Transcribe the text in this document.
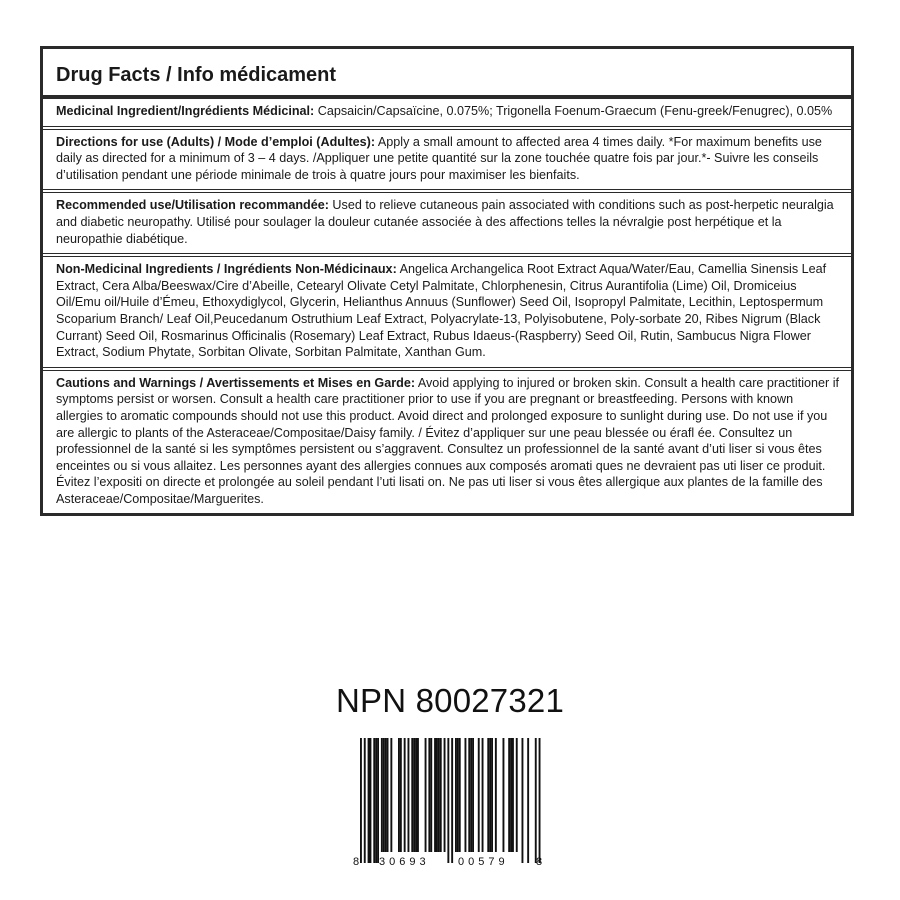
Drug Facts / Info médicament
Medicinal Ingredient/Ingrédients Médicinal: Capsaicin/Capsaïcine, 0.075%; Trigonella Foenum-Graecum (Fenu-greek/Fenugrec), 0.05%
Directions for use (Adults) / Mode d’emploi (Adultes): Apply a small amount to affected area 4 times daily. *For maximum benefits use daily as directed for a minimum of 3 – 4 days. /Appliquer une petite quantité sur la zone touchée quatre fois par jour.*- Suivre les conseils d’utilisation pendant une période minimale de trois à quatre jours pour maximiser les bienfaits.
Recommended use/Utilisation recommandée: Used to relieve cutaneous pain associated with conditions such as post-herpetic neuralgia and diabetic neuropathy. Utilisé pour soulager la douleur cutanée associée à des affections telles la névralgie post herpétique et la neuropathie diabétique.
Non-Medicinal Ingredients / Ingrédients Non-Médicinaux: Angelica Archangelica Root Extract Aqua/Water/Eau, Camellia Sinensis Leaf Extract, Cera Alba/Beeswax/Cire d’Abeille, Cetearyl Olivate Cetyl Palmitate, Chlorphenesin, Citrus Aurantifolia (Lime) Oil, Dromiceius Oil/Emu oil/Huile d’Émeu, Ethoxydiglycol, Glycerin, Helianthus Annuus (Sunflower) Seed Oil, Isopropyl Palmitate, Lecithin, Leptospermum Scoparium Branch/ Leaf Oil,Peucedanum Ostruthium Leaf Extract, Polyacrylate-13, Polyisobutene, Poly-sorbate 20, Ribes Nigrum (Black Currant) Seed Oil, Rosmarinus Officinalis (Rosemary) Leaf Extract, Rubus Idaeus-(Raspberry) Seed Oil, Rutin, Sambucus Nigra Flower Extract, Sodium Phytate, Sorbitan Olivate, Sorbitan Palmitate, Xanthan Gum.
Cautions and Warnings / Avertissements et Mises en Garde: Avoid applying to injured or broken skin. Consult a health care practitioner if symptoms persist or worsen. Consult a health care practitioner prior to use if you are pregnant or breastfeeding. Persons with known allergies to aromatic compounds should not use this product. Avoid direct and prolonged exposure to sunlight during use. Do not use if you are allergic to plants of the Asteraceae/Compositae/Daisy family. / Évitez d’appliquer sur une peau blessée ou érafl ée. Consultez un professionnel de la santé si les symptômes persistent ou s’aggravent. Consultez un professionnel de la santé avant d’uti liser si vous êtes enceintes ou si vous allaitez. Les personnes ayant des allergies connues aux composés aromati ques ne devraient pas uti liser ce produit. Évitez l’expositi on directe et prolongée au soleil pendant l’uti lisati on. Ne pas uti liser si vous êtes allergique aux plantes de la famille des Asteraceae/Compositae/Marguerites.
NPN 80027321
8 30693	00579 8
